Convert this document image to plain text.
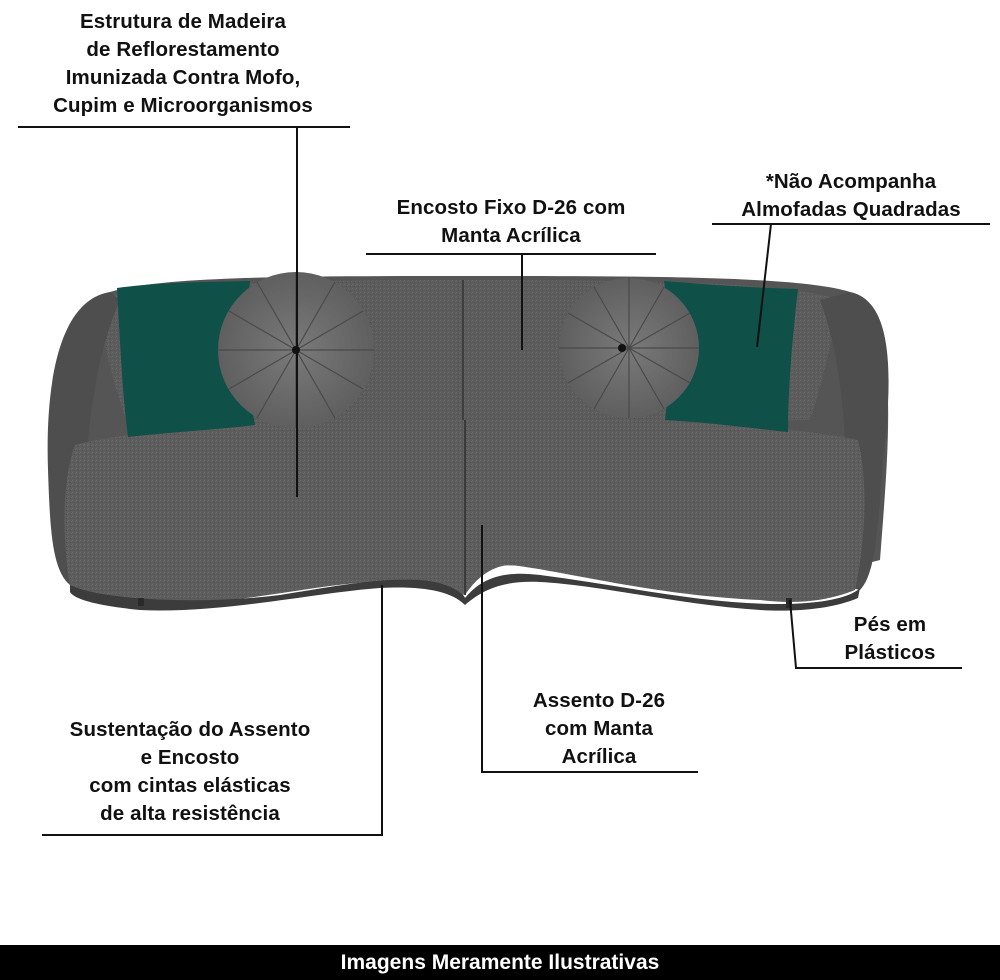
Estrutura de Madeira
de Reflorestamento
Imunizada Contra Mofo,
Cupim e Microorganismos
Encosto Fixo D-26 com
Manta Acrílica
*Não Acompanha
Almofadas Quadradas
Pés em
Plásticos
Assento D-26
com Manta
Acrílica
Sustentação do Assento
e Encosto
com cintas elásticas
de alta resistência
Imagens Meramente Ilustrativas
